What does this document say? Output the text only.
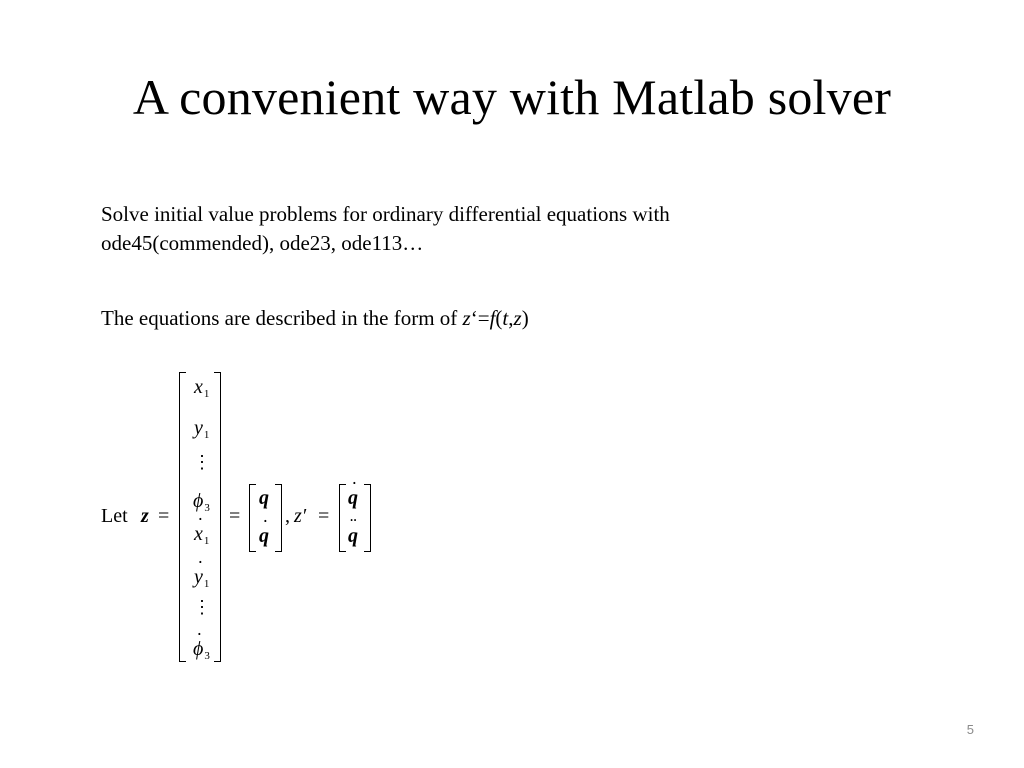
A convenient way with Matlab solver
Solve initial value problems for ordinary differential equations with
ode45(commended), ode23, ode113…
The equations are described in the form of z‘=f(t,z)
Let z =
$x_1$
$y_1$
⋮
$\phi_3$
˙ $x_1$
˙ $y_1$
⋮
˙ $\phi_3$
=
q
˙ q
, z′ =
˙ q
¨ q
5
